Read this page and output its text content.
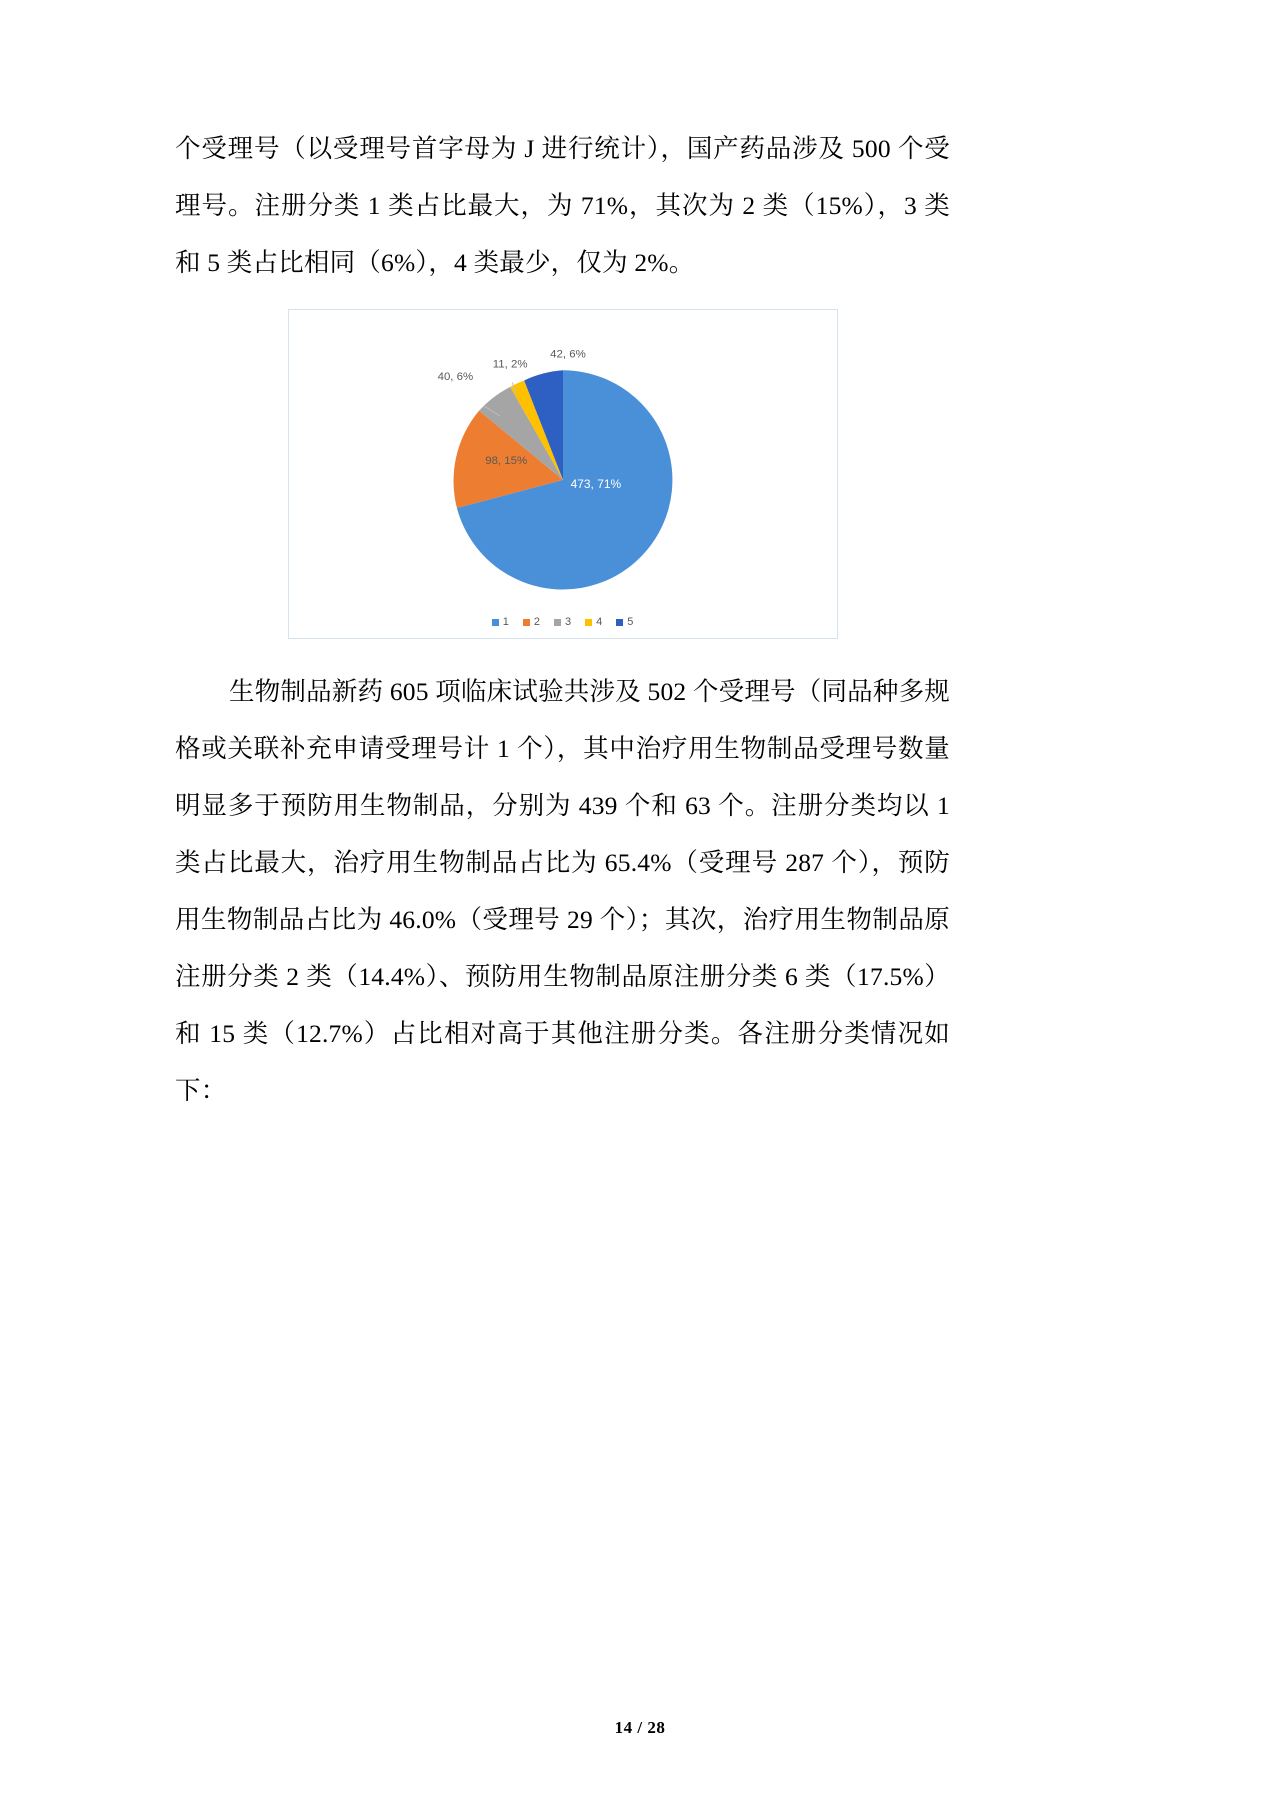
个受理号（以受理号首字母为 J 进行统计），国产药品涉及 500 个受理号。注册分类 1 类占比最大，为 71%，其次为 2 类（15%），3 类和 5 类占比相同（6%），4 类最少，仅为 2%。

473, 71%
98, 15%
40, 6%
11, 2%
42, 6%
1 2 3 4 5

生物制品新药 605 项临床试验共涉及 502 个受理号（同品种多规格或关联补充申请受理号计 1 个），其中治疗用生物制品受理号数量明显多于预防用生物制品，分别为 439 个和 63 个。注册分类均以 1 类占比最大，治疗用生物制品占比为 65.4%（受理号 287 个），预防用生物制品占比为 46.0%（受理号 29 个）；其次，治疗用生物制品原注册分类 2 类（14.4%）、预防用生物制品原注册分类 6 类（17.5%）和 15 类（12.7%）占比相对高于其他注册分类。各注册分类情况如下：

14 / 28
